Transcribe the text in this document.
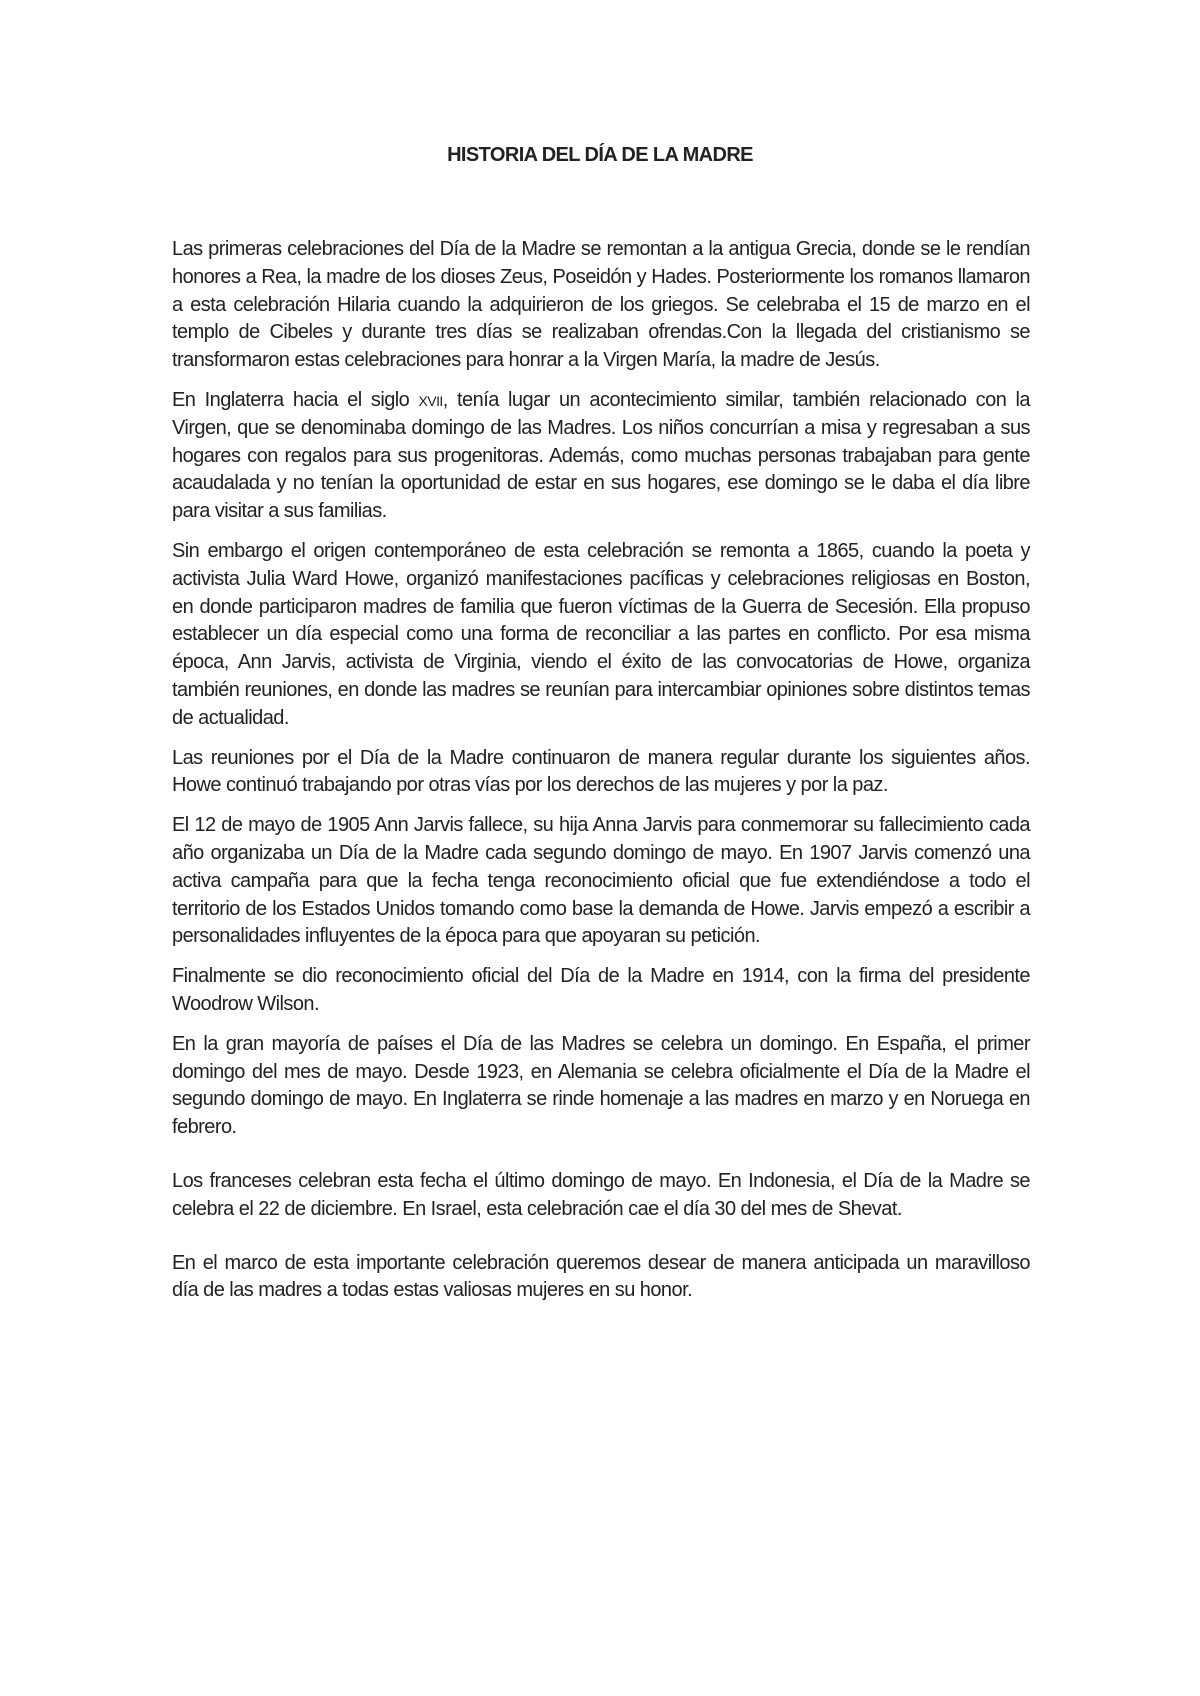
HISTORIA DEL DÍA DE LA MADRE

Las primeras celebraciones del Día de la Madre se remontan a la antigua Grecia, donde se le rendían honores a Rea, la madre de los dioses Zeus, Poseidón y Hades. Posteriormente los romanos llamaron a esta celebración Hilaria cuando la adquirieron de los griegos. Se celebraba el 15 de marzo en el templo de Cibeles y durante tres días se realizaban ofrendas.Con la llegada del cristianismo se transformaron estas celebraciones para honrar a la Virgen María, la madre de Jesús.

En Inglaterra hacia el siglo xvii, tenía lugar un acontecimiento similar, también relacionado con la Virgen, que se denominaba domingo de las Madres. Los niños concurrían a misa y regresaban a sus hogares con regalos para sus progenitoras. Además, como muchas personas trabajaban para gente acaudalada y no tenían la oportunidad de estar en sus hogares, ese domingo se le daba el día libre para visitar a sus familias.

Sin embargo el origen contemporáneo de esta celebración se remonta a 1865, cuando la poeta y activista Julia Ward Howe, organizó manifestaciones pacíficas y celebraciones religiosas en Boston, en donde participaron madres de familia que fueron víctimas de la Guerra de Secesión. Ella propuso establecer un día especial como una forma de reconciliar a las partes en conflicto. Por esa misma época, Ann Jarvis, activista de Virginia, viendo el éxito de las convocatorias de Howe, organiza también reuniones, en donde las madres se reunían para intercambiar opiniones sobre distintos temas de actualidad.

Las reuniones por el Día de la Madre continuaron de manera regular durante los siguientes años. Howe continuó trabajando por otras vías por los derechos de las mujeres y por la paz.

El 12 de mayo de 1905 Ann Jarvis fallece, su hija Anna Jarvis para conmemorar su fallecimiento cada año organizaba un Día de la Madre cada segundo domingo de mayo. En 1907 Jarvis comenzó una activa campaña para que la fecha tenga reconocimiento oficial que fue extendiéndose a todo el territorio de los Estados Unidos tomando como base la demanda de Howe. Jarvis empezó a escribir a personalidades influyentes de la época para que apoyaran su petición.

Finalmente se dio reconocimiento oficial del Día de la Madre en 1914, con la firma del presidente Woodrow Wilson.

En la gran mayoría de países el Día de las Madres se celebra un domingo. En España, el primer domingo del mes de mayo. Desde 1923, en Alemania se celebra oficialmente el Día de la Madre el segundo domingo de mayo. En Inglaterra se rinde homenaje a las madres en marzo y en Noruega en febrero.

Los franceses celebran esta fecha el último domingo de mayo. En Indonesia, el Día de la Madre se celebra el 22 de diciembre. En Israel, esta celebración cae el día 30 del mes de Shevat.

En el marco de esta importante celebración queremos desear de manera anticipada un maravilloso día de las madres a todas estas valiosas mujeres en su honor.
